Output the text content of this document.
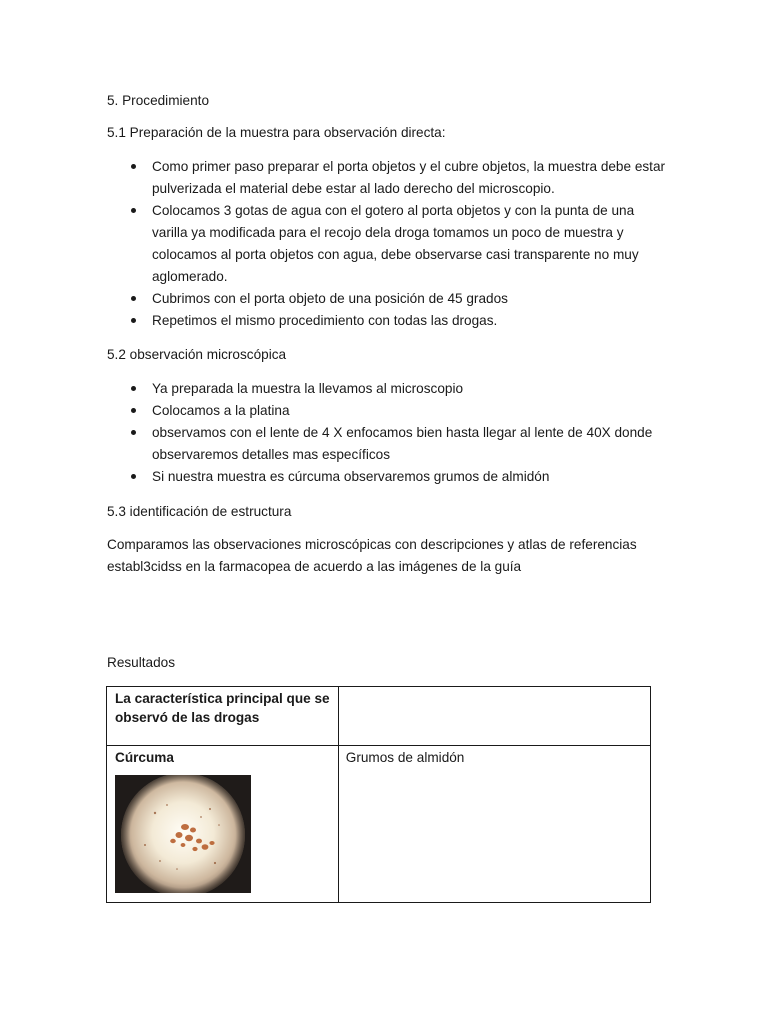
5. Procedimiento
5.1 Preparación de la muestra para observación directa:
Como primer paso preparar el porta objetos y el cubre objetos, la muestra debe estar pulverizada el material debe estar al lado derecho del microscopio.
Colocamos 3 gotas de agua con el gotero al porta objetos y con la punta de una varilla ya modificada para el recojo dela droga tomamos un poco de muestra y colocamos al porta objetos con agua, debe observarse casi transparente no muy aglomerado.
Cubrimos con el porta objeto de una posición de 45 grados
Repetimos el mismo procedimiento con todas las drogas.
5.2 observación microscópica
Ya preparada la muestra la llevamos al microscopio
Colocamos a la platina
observamos con el lente de 4 X enfocamos bien hasta llegar al lente de 40X donde observaremos detalles mas específicos
Si nuestra muestra es cúrcuma observaremos grumos de almidón
5.3 identificación de estructura
Comparamos las observaciones microscópicas con descripciones y atlas de referencias establ3cidss en la farmacopea de acuerdo a las imágenes de la guía
Resultados
La característica principal que se observó de las drogas	

Cúrcuma	Grumos de almidón
